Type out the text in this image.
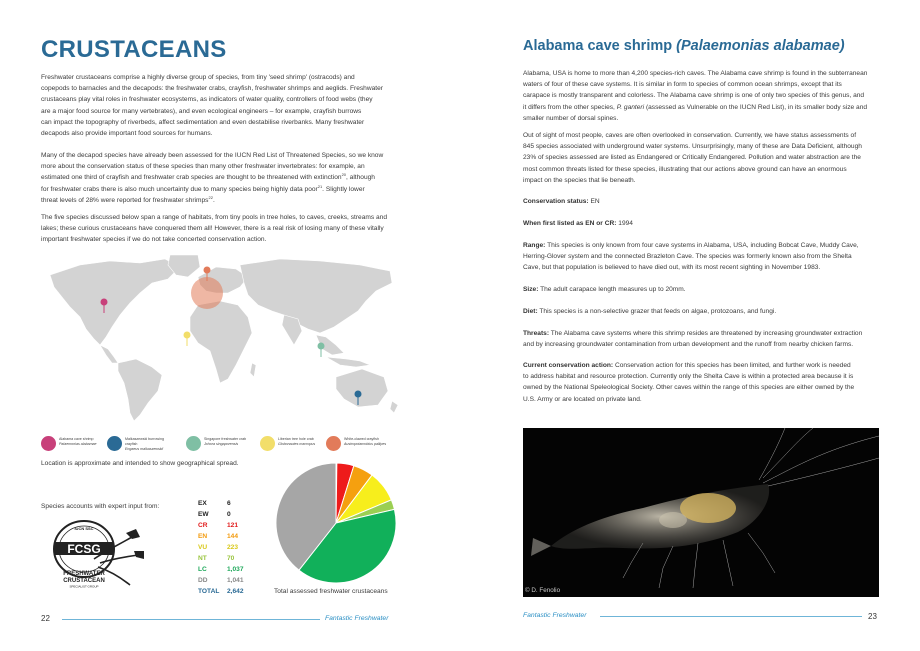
CRUSTACEANS
Freshwater crustaceans comprise a highly diverse group of species, from tiny 'seed shrimp' (ostracods) and
copepods to barnacles and the decapods: the freshwater crabs, crayfish, freshwater shrimps and aeglids. Freshwater
crustaceans play vital roles in freshwater ecosystems, as indicators of water quality, controllers of food webs (they
are a major food source for many vertebrates), and even ecological engineers – for example, crayfish burrows
can impact the topography of riverbeds, affect sedimentation and even destabilise riverbanks. Many freshwater
decapods also provide important food sources for humans.
Many of the decapod species have already been assessed for the IUCN Red List of Threatened Species, so we know
more about the conservation status of these species than many other freshwater invertebrates: for example, an
estimated one third of crayfish and freshwater crab species are thought to be threatened with extinction$^{20}$, although
for freshwater crabs there is also much uncertainty due to many species being highly data poor$^{21}$. Slightly lower
threat levels of 28% were reported for freshwater shrimps$^{22}$.
The five species discussed below span a range of habitats, from tiny pools in tree holes, to caves, creeks, streams and
lakes; these curious crustaceans have conquered them all! However, there is a real risk of losing many of these vitally
important freshwater species if we do not take concerted conservation action.
Alabama cave shrimp
Palaemonias alabamae
Malkaszewski burrowing crayfish
Engaeus malkaszewskii
Singapore freshwater crab
Johora singaporensis
Liberian tree hole crab
Globonautes macropus
White-clawed crayfish
Austropotamobius pallipes
Location is approximate and intended to show geographical spread.
Species accounts with expert input from:
IUCN SSC
FCSG
FRESHWATER
CRUSTACEAN
SPECIALIST GROUP
EX	6
EW	0
CR	121
EN	144
VU	223
NT	70
LC	1,037
DD	1,041
TOTAL 2,642	Total assessed freshwater crustaceans
22	Fantastic Freshwater
Alabama cave shrimp (Palaemonias alabamae)
Alabama, USA is home to more than 4,200 species-rich caves. The Alabama cave shrimp is found in the subterranean
waters of four of these cave systems. It is similar in form to species of common ocean shrimps, except that its
carapace is mostly transparent and colorless. The Alabama cave shrimp is one of only two species of this genus, and
it differs from the other species, P. ganteri (assessed as Vulnerable on the IUCN Red List), in its smaller body size and
smaller number of dorsal spines.
Out of sight of most people, caves are often overlooked in conservation. Currently, we have status assessments of
845 species associated with underground water systems. Unsurprisingly, many of these are Data Deficient, although
23% of species assessed are listed as Endangered or Critically Endangered. Pollution and water abstraction are the
most common threats listed for these species, illustrating that our actions above ground can have an enormous
impact on the species that lie beneath.
Conservation status: EN
When first listed as EN or CR: 1994
Range: This species is only known from four cave systems in Alabama, USA, including Bobcat Cave, Muddy Cave,
Herring-Glover system and the connected Brazleton Cave. The species was formerly known also from the Shelta
Cave, but that population is believed to have died out, with its most recent sighting in November 1983.
Size: The adult carapace length measures up to 20mm.
Diet: This species is a non-selective grazer that feeds on algae, protozoans, and fungi.
Threats: The Alabama cave systems where this shrimp resides are threatened by increasing groundwater extraction
and by increasing groundwater contamination from urban development and the runoff from nearby chicken farms.
Current conservation action: Conservation action for this species has been limited, and further work is needed
to address habitat and resource protection. Currently only the Shelta Cave is within a protected area because it is
owned by the National Speleological Society. Other caves within the range of this species are either owned by the
U.S. Army or are located on private land.
© D. Fenolio
Fantastic Freshwater	23
